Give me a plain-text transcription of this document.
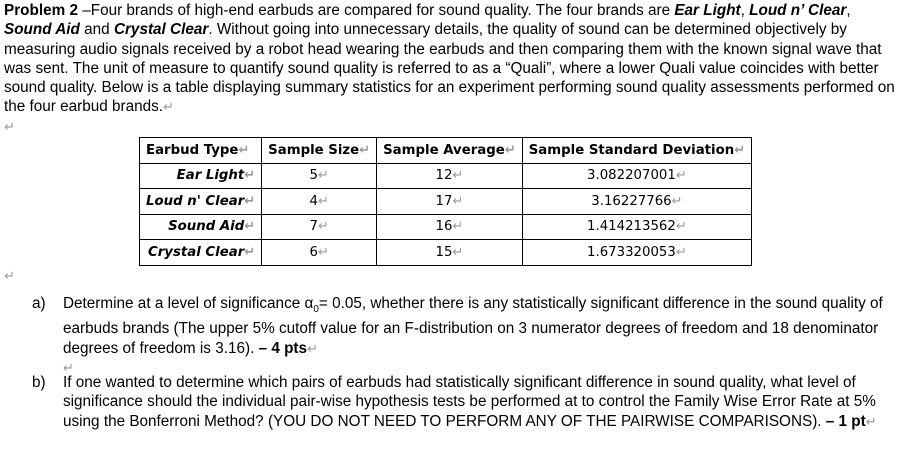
Problem 2 –Four brands of high-end earbuds are compared for sound quality. The four brands are Ear Light, Loud n’ Clear, Sound Aid and Crystal Clear. Without going into unnecessary details, the quality of sound can be determined objectively by measuring audio signals received by a robot head wearing the earbuds and then comparing them with the known signal wave that was sent. The unit of measure to quantify sound quality is referred to as a “Quali”, where a lower Quali value coincides with better sound quality. Below is a table displaying summary statistics for an experiment performing sound quality assessments performed on the four earbud brands.↵
↵
Earbud Type↵	Sample Size↵	Sample Average↵	Sample Standard Deviation↵
Ear Light↵	5↵	12↵	3.082207001↵
Loud n' Clear↵	4↵	17↵	3.16227766↵
Sound Aid↵	7↵	16↵	1.414213562↵
Crystal Clear↵	6↵	15↵	1.673320053↵
↵
a) Determine at a level of significance $\alpha_0= 0.05$, whether there is any statistically significant difference in the sound quality of earbuds brands (The upper 5% cutoff value for an F-distribution on 3 numerator degrees of freedom and 18 denominator degrees of freedom is 3.16). – 4 pts↵
↵
b) If one wanted to determine which pairs of earbuds had statistically significant difference in sound quality, what level of significance should the individual pair-wise hypothesis tests be performed at to control the Family Wise Error Rate at 5% using the Bonferroni Method? (YOU DO NOT NEED TO PERFORM ANY OF THE PAIRWISE COMPARISONS). – 1 pt↵
